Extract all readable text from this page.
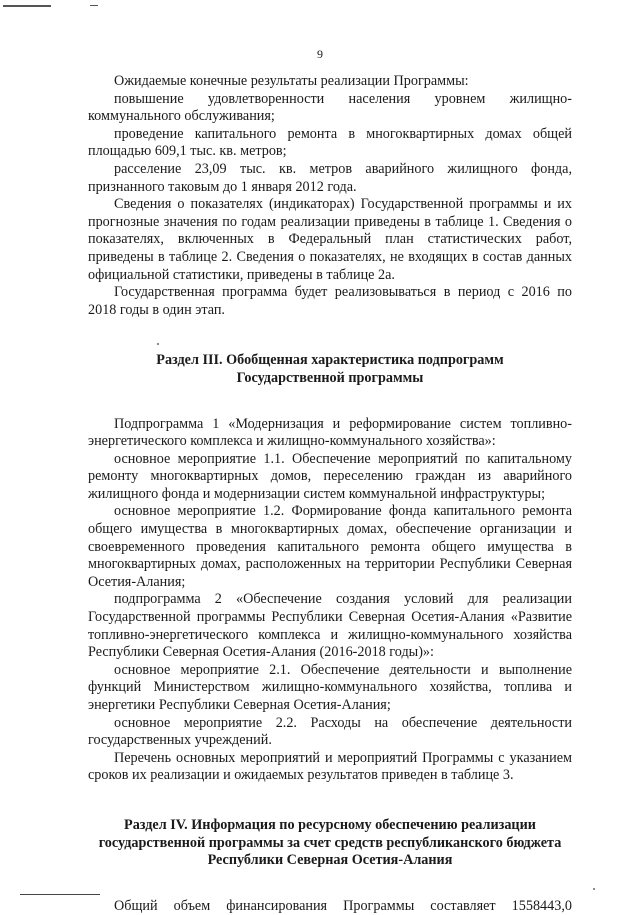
9

Ожидаемые конечные результаты реализации Программы:

повышение удовлетворенности населения уровнем жилищно-коммунального обслуживания;

проведение капитального ремонта в многоквартирных домах общей площадью 609,1 тыс. кв. метров;

расселение 23,09 тыс. кв. метров аварийного жилищного фонда, признанного таковым до 1 января 2012 года.

Сведения о показателях (индикаторах) Государственной программы и их прогнозные значения по годам реализации приведены в таблице 1. Сведения о показателях, включенных в Федеральный план статистических работ, приведены в таблице 2. Сведения о показателях, не входящих в состав данных официальной статистики, приведены в таблице 2а.

Государственная программа будет реализовываться в период с 2016 по 2018 годы в один этап.

Раздел III. Обобщенная характеристика подпрограмм
Государственной программы

Подпрограмма 1 «Модернизация и реформирование систем топливно-энергетического комплекса и жилищно-коммунального хозяйства»:

основное мероприятие 1.1. Обеспечение мероприятий по капитальному ремонту многоквартирных домов, переселению граждан из аварийного жилищного фонда и модернизации систем коммунальной инфраструктуры;

основное мероприятие 1.2. Формирование фонда капитального ремонта общего имущества в многоквартирных домах, обеспечение организации и своевременного проведения капитального ремонта общего имущества в многоквартирных домах, расположенных на территории Республики Северная Осетия-Алания;

подпрограмма 2 «Обеспечение создания условий для реализации Государственной программы Республики Северная Осетия-Алания «Развитие топливно-энергетического комплекса и жилищно-коммунального хозяйства Республики Северная Осетия-Алания (2016-2018 годы)»:

основное мероприятие 2.1. Обеспечение деятельности и выполнение функций Министерством жилищно-коммунального хозяйства, топлива и энергетики Республики Северная Осетия-Алания;

основное мероприятие 2.2. Расходы на обеспечение деятельности государственных учреждений.

Перечень основных мероприятий и мероприятий Программы с указанием сроков их реализации и ожидаемых результатов приведен в таблице 3.

Раздел IV. Информация по ресурсному обеспечению реализации
государственной программы за счет средств республиканского бюджета
Республики Северная Осетия-Алания
Общий объем финансирования Программы составляет 1558443,0
